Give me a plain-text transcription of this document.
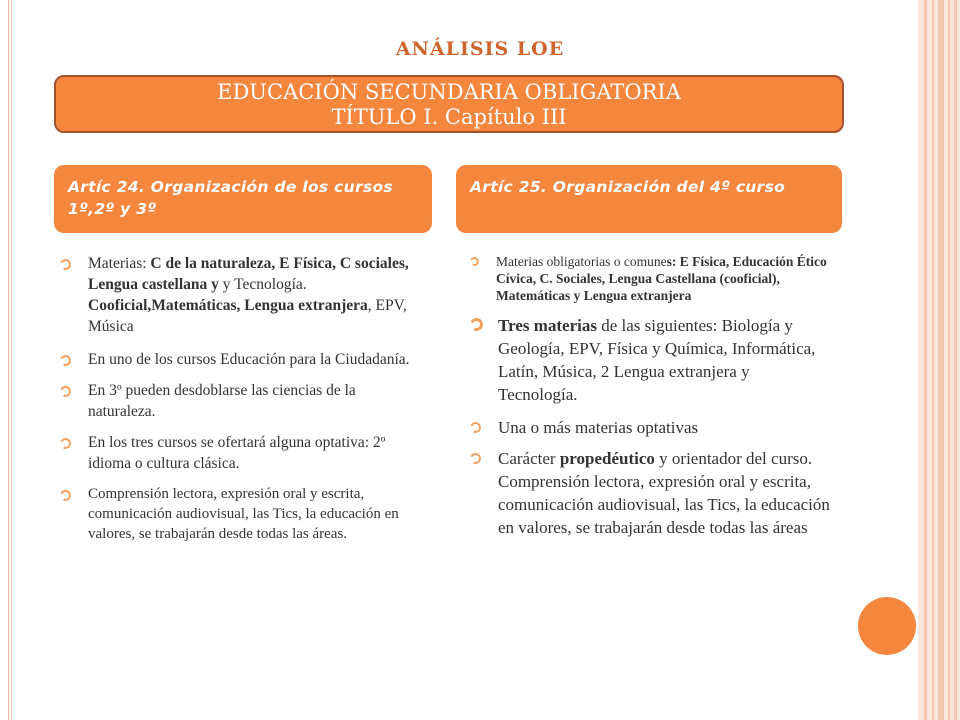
ANÁLISIS LOE
EDUCACIÓN SECUNDARIA OBLIGATORIA
TÍTULO I. Capítulo III
Artíc 24. Organización de los cursos 1º,2º y 3º
Artíc 25. Organización del 4º curso
Materias: C de la naturaleza, E Física, C sociales, Lengua castellana y y Tecnología. Cooficial,Matemáticas, Lengua extranjera, EPV, Música
En uno de los cursos Educación para la Ciudadanía.
En 3º pueden desdoblarse las ciencias de la naturaleza.
En los tres cursos se ofertará alguna optativa: 2º idioma o cultura clásica.
Comprensión lectora, expresión oral y escrita, comunicación audiovisual, las Tics, la educación en valores, se trabajarán desde todas las áreas.
Materias obligatorias o comunes: E Física, Educación Ético Cívica, C. Sociales, Lengua Castellana (cooficial), Matemáticas y Lengua extranjera
Tres materias de las siguientes: Biología y Geología, EPV, Física y Química, Informática, Latín, Música, 2 Lengua extranjera y Tecnología.
Una o más materias optativas
Carácter propedéutico y orientador del curso. Comprensión lectora, expresión oral y escrita, comunicación audiovisual, las Tics, la educación en valores, se trabajarán desde todas las áreas
